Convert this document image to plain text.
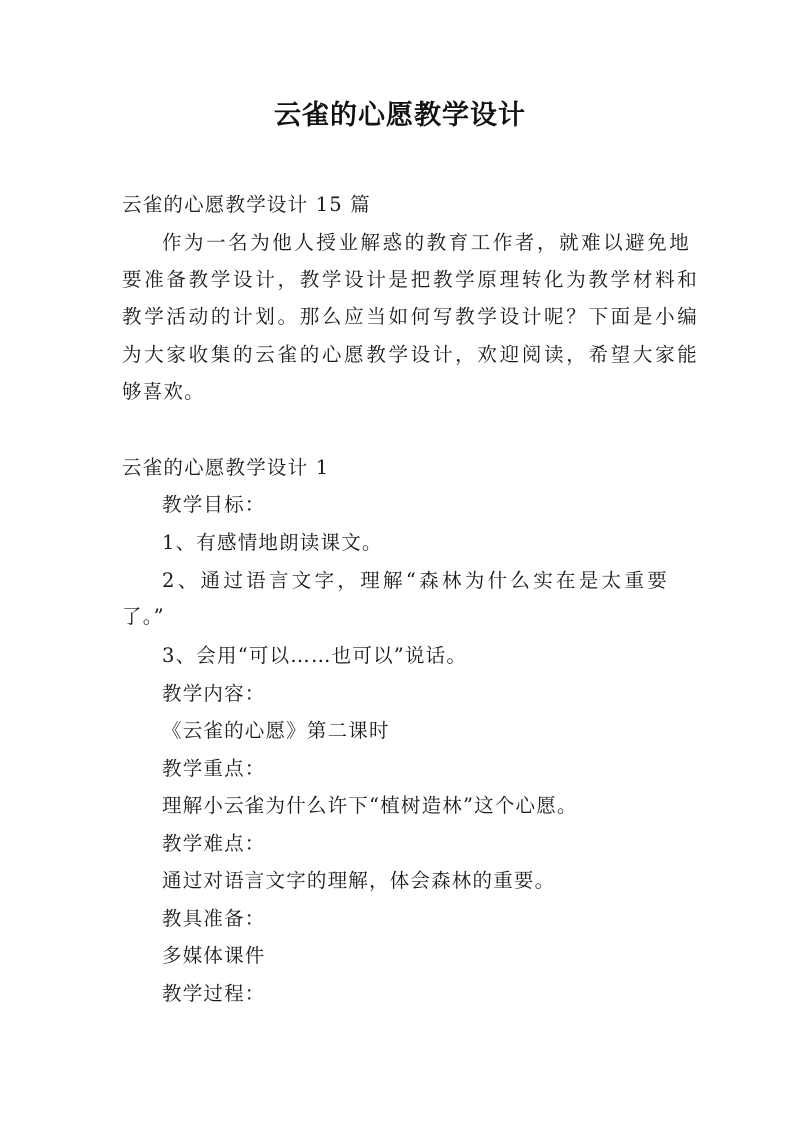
云雀的心愿教学设计
云雀的心愿教学设计 15 篇
作为一名为他人授业解惑的教育工作者，就难以避免地
要准备教学设计，教学设计是把教学原理转化为教学材料和
教学活动的计划。那么应当如何写教学设计呢？下面是小编
为大家收集的云雀的心愿教学设计，欢迎阅读，希望大家能
够喜欢。
云雀的心愿教学设计 1
教学目标：
1、有感情地朗读课文。
2、通过语言文字，理解“森林为什么实在是太重要
了。”
3、会用“可以……也可以”说话。
教学内容：
《云雀的心愿》第二课时
教学重点：
理解小云雀为什么许下“植树造林”这个心愿。
教学难点：
通过对语言文字的理解，体会森林的重要。
教具准备：
多媒体课件
教学过程：
